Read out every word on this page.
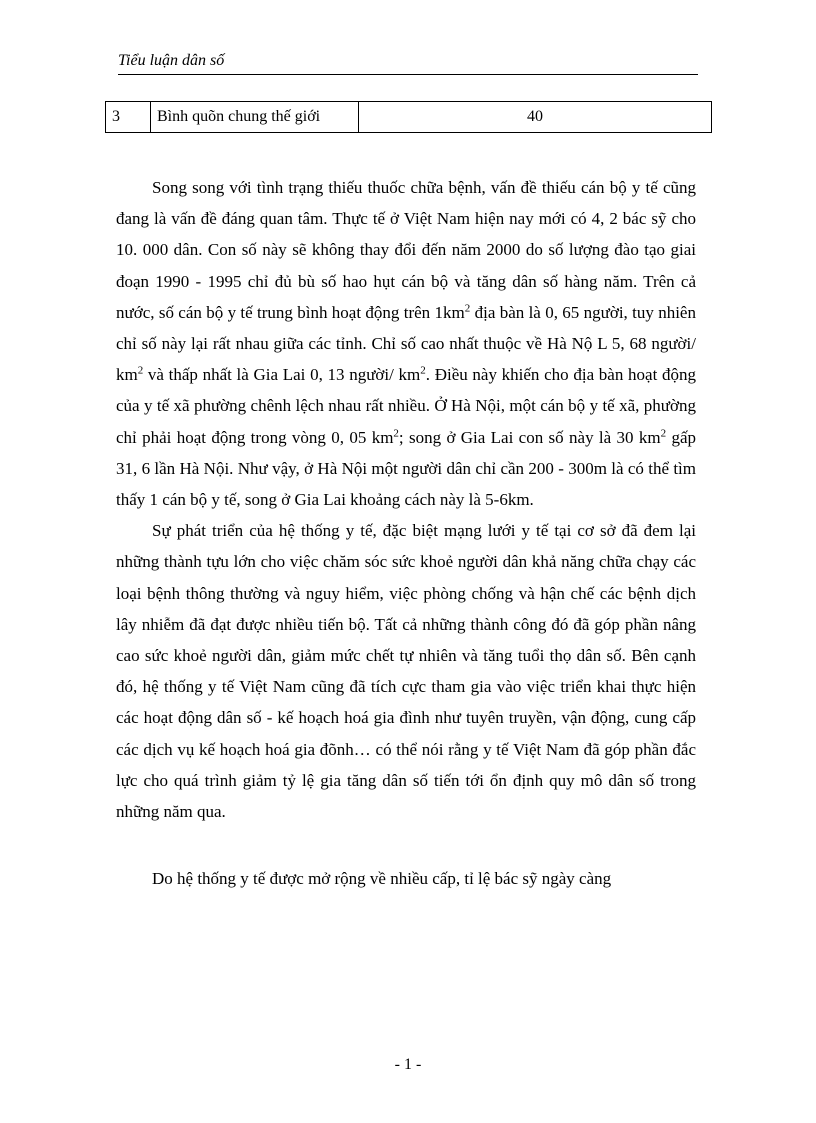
Tiểu luận dân số
3	Bình quõn chung thế giới	40

Song song với tình trạng thiếu thuốc chữa bệnh, vấn đề thiếu cán bộ y tế cũng đang là vấn đề đáng quan tâm. Thực tế ở Việt Nam hiện nay mới có 4, 2 bác sỹ cho 10. 000 dân. Con số này sẽ không thay đổi đến năm 2000 do số lượng đào tạo giai đoạn 1990 - 1995 chỉ đủ bù số hao hụt cán bộ và tăng dân số hàng năm. Trên cả nước, số cán bộ y tế trung bình hoạt động trên $1km^2$ địa bàn là 0, 65 người, tuy nhiên chỉ số này lại rất nhau giữa các tỉnh. Chỉ số cao nhất thuộc về Hà Nộ L 5, 68 người/ $km^2$ và thấp nhất là Gia Lai 0, 13 người/ $km^2$. Điều này khiến cho địa bàn hoạt động của y tế xã phường chênh lệch nhau rất nhiều. Ở Hà Nội, một cán bộ y tế xã, phường chỉ phải hoạt động trong vòng 0, 05 $km^2$; song ở Gia Lai con số này là 30 $km^2$ gấp 31, 6 lần Hà Nội. Như vậy, ở Hà Nội một người dân chỉ cần 200 - 300m là có thể tìm thấy 1 cán bộ y tế, song ở Gia Lai khoảng cách này là 5-6km.

Sự phát triển của hệ thống y tế, đặc biệt mạng lưới y tế tại cơ sở đã đem lại những thành tựu lớn cho việc chăm sóc sức khoẻ người dân khả năng chữa chạy các loại bệnh thông thường và nguy hiểm, việc phòng chống và hận chế các bệnh dịch lây nhiễm đã đạt được nhiều tiến bộ. Tất cả những thành công đó đã góp phần nâng cao sức khoẻ người dân, giảm mức chết tự nhiên và tăng tuổi thọ dân số. Bên cạnh đó, hệ thống y tế Việt Nam cũng đã tích cực tham gia vào việc triển khai thực hiện các hoạt động dân số - kế hoạch hoá gia đình như tuyên truyền, vận động, cung cấp các dịch vụ kế hoạch hoá gia đõnh… có thể nói rằng y tế Việt Nam đã góp phần đắc lực cho quá trình giảm tỷ lệ gia tăng dân số tiến tới ổn định quy mô dân số trong những năm qua.

Do hệ thống y tế được mở rộng về nhiều cấp, tỉ lệ bác sỹ ngày càng

- 1 -
